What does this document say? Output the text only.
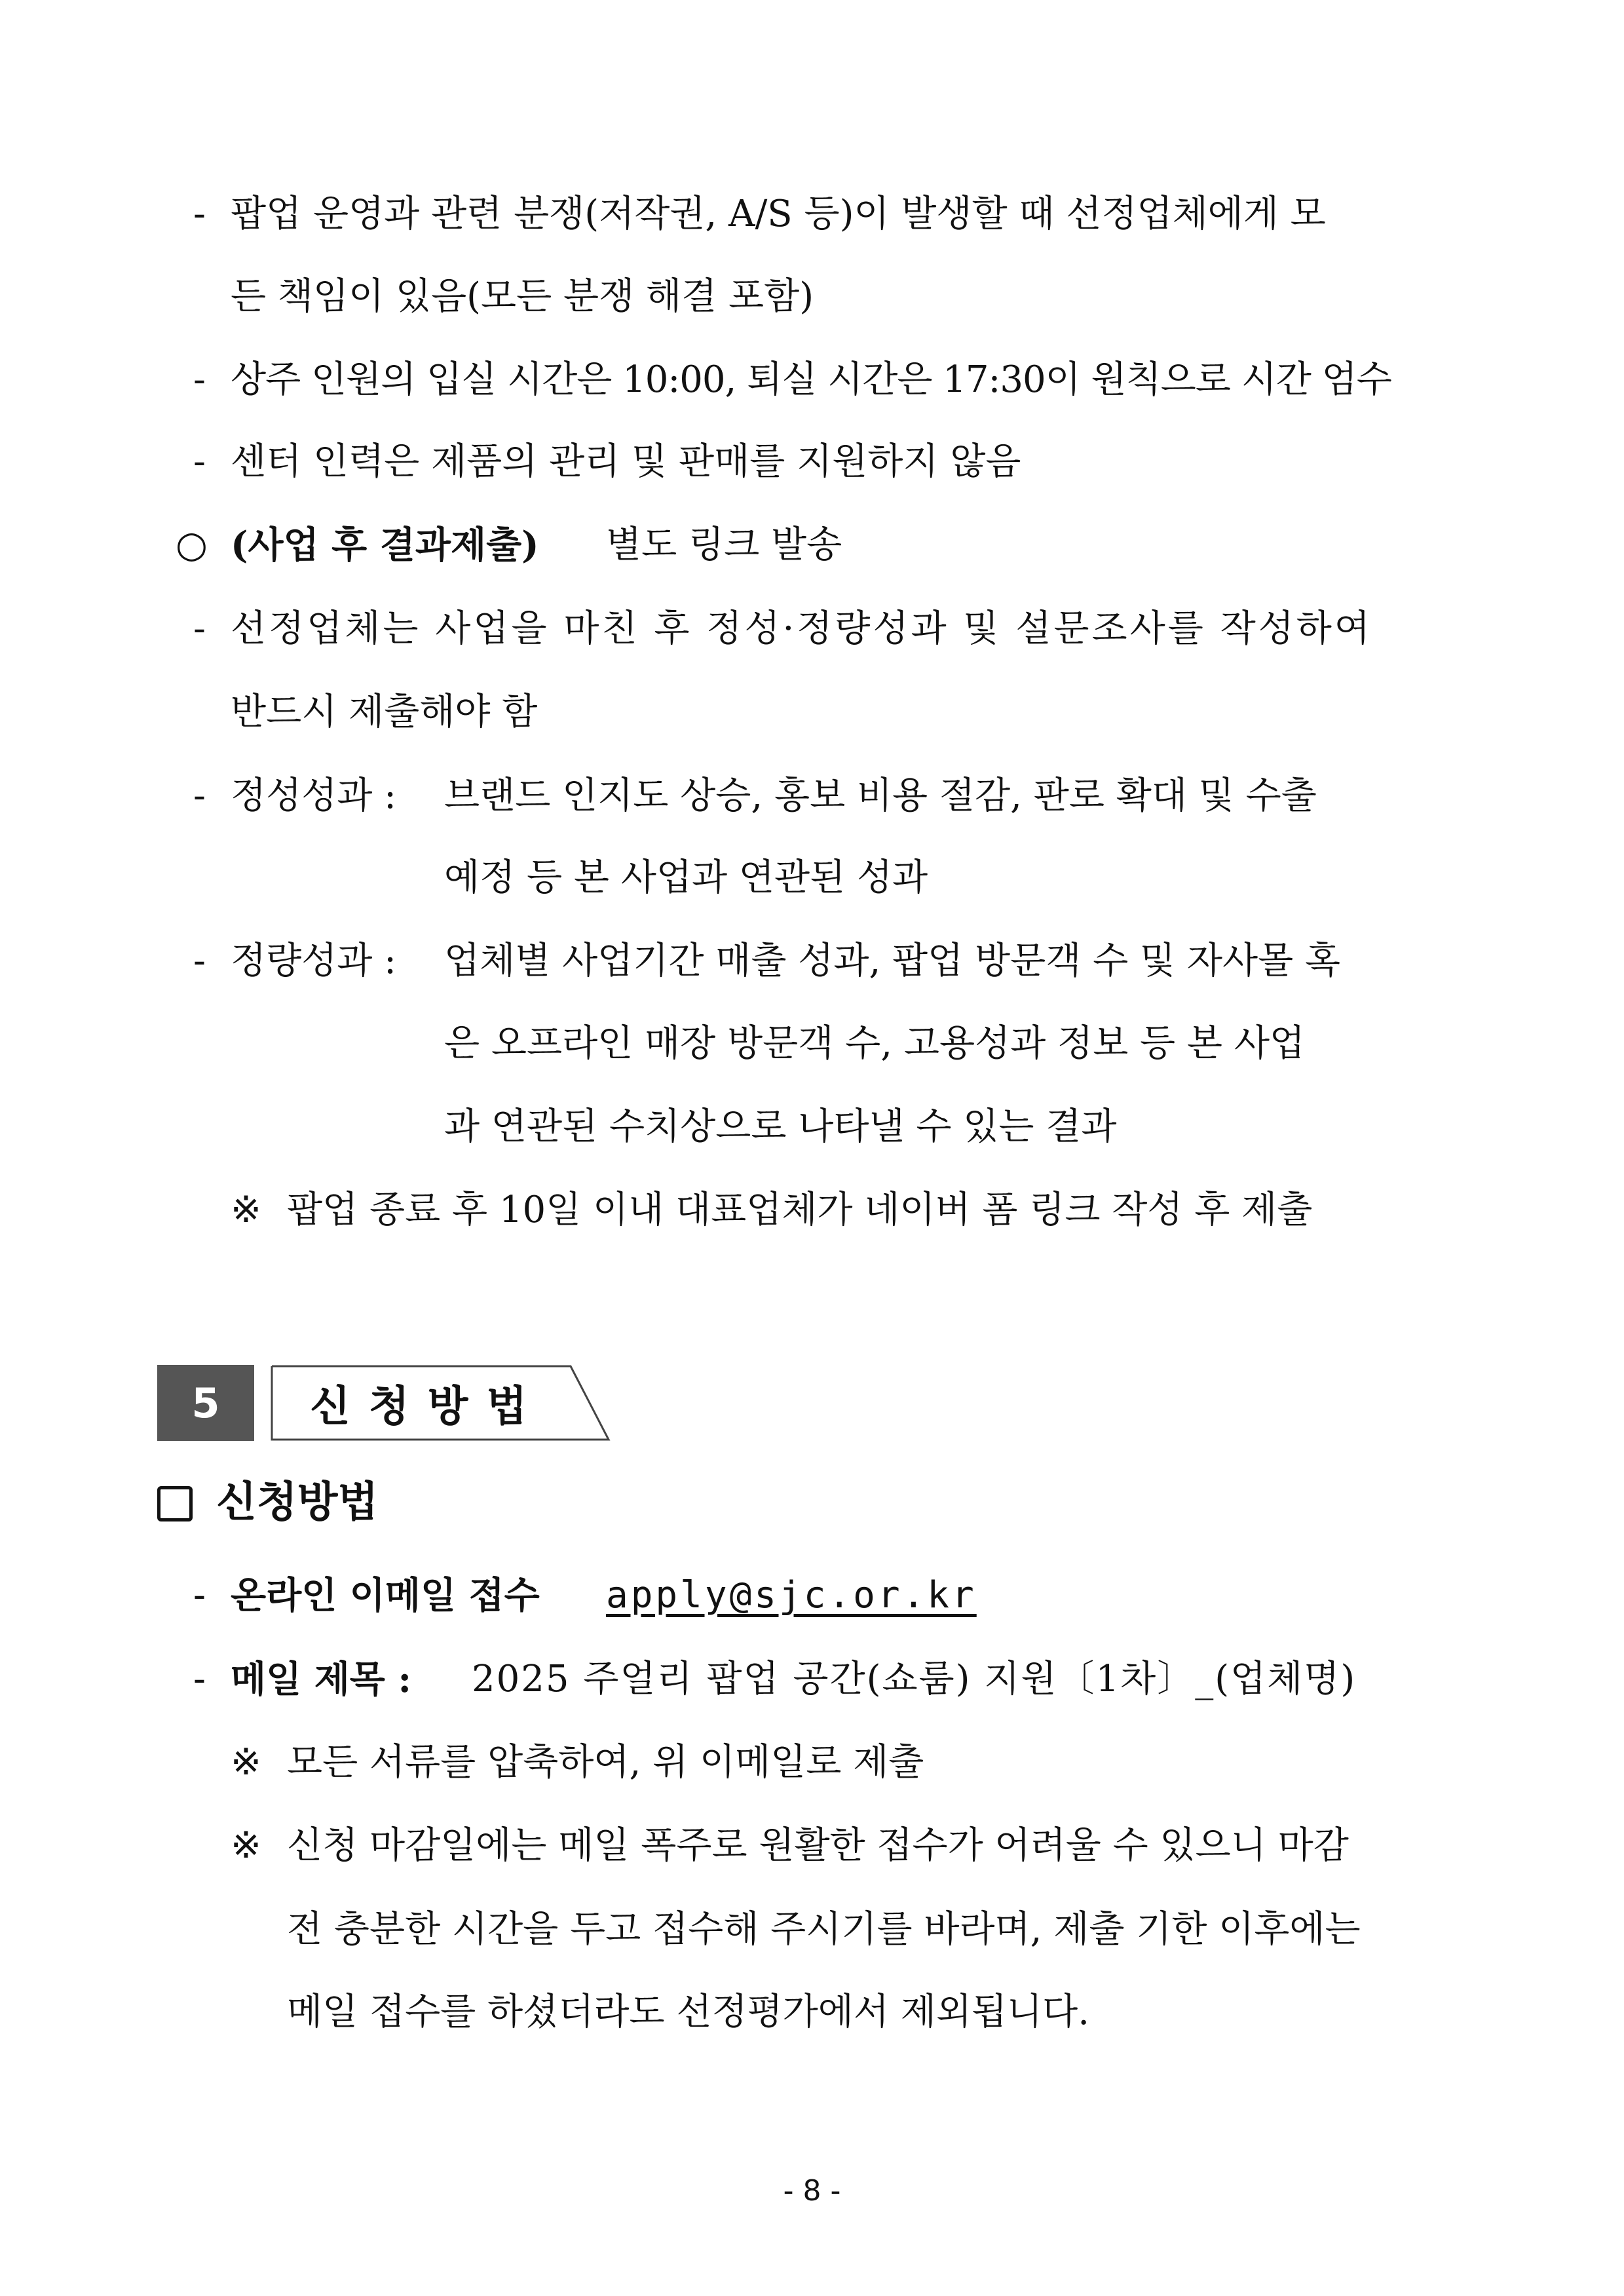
- 팝업 운영과 관련 분쟁(저작권, A/S 등)이 발생할 때 선정업체에게 모
든 책임이 있음(모든 분쟁 해결 포함)
- 상주 인원의 입실 시간은 10:00, 퇴실 시간은 17:30이 원칙으로 시간 엄수
- 센터 인력은 제품의 관리 및 판매를 지원하지 않음
○ (사업 후 결과제출) 별도 링크 발송
- 선정업체는 사업을 마친 후 정성·정량성과 및 설문조사를 작성하여
반드시 제출해야 함
- 정성성과 : 브랜드 인지도 상승, 홍보 비용 절감, 판로 확대 및 수출
예정 등 본 사업과 연관된 성과
- 정량성과 : 업체별 사업기간 매출 성과, 팝업 방문객 수 및 자사몰 혹
은 오프라인 매장 방문객 수, 고용성과 정보 등 본 사업
과 연관된 수치상으로 나타낼 수 있는 결과
※ 팝업 종료 후 10일 이내 대표업체가 네이버 폼 링크 작성 후 제출
5	신청방법
신청방법
- 온라인 이메일 접수 apply@sjc.or.kr
- 메일 제목 : 2025 주얼리 팝업 공간(쇼룸) 지원〔1차〕_(업체명)
※ 모든 서류를 압축하여, 위 이메일로 제출
※ 신청 마감일에는 메일 폭주로 원활한 접수가 어려울 수 있으니 마감
전 충분한 시간을 두고 접수해 주시기를 바라며, 제출 기한 이후에는
메일 접수를 하셨더라도 선정평가에서 제외됩니다.
- 8 -
